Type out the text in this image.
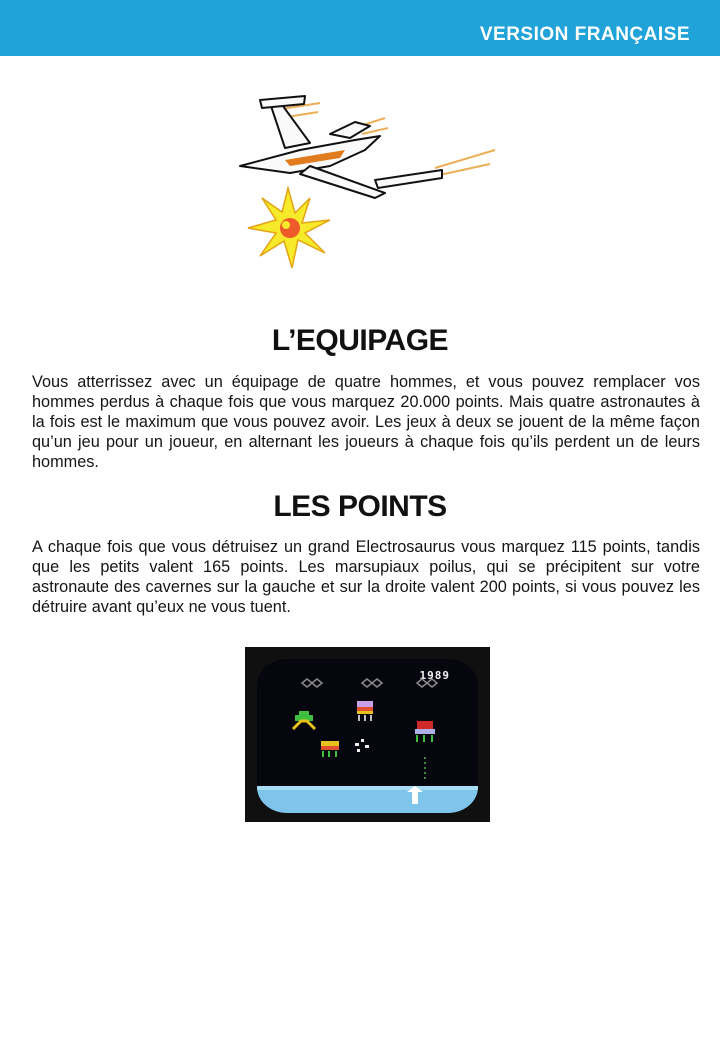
VERSION FRANÇAISE
L’EQUIPAGE
Vous atterrissez avec un équipage de quatre hommes, et vous pouvez remplacer vos hommes perdus à chaque fois que vous marquez 20.000 points. Mais quatre astronautes à la fois est le maximum que vous pouvez avoir. Les jeux à deux se jouent de la même façon qu’un jeu pour un joueur, en alternant les joueurs à chaque fois qu’ils perdent un de leurs hommes.
LES POINTS
A chaque fois que vous détruisez un grand Electrosaurus vous marquez 115 points, tandis que les petits valent 165 points. Les marsupiaux poilus, qui se précipitent sur votre astronaute des cavernes sur la gauche et sur la droite valent 200 points, si vous pouvez les détruire avant qu’eux ne vous tuent.
1989
